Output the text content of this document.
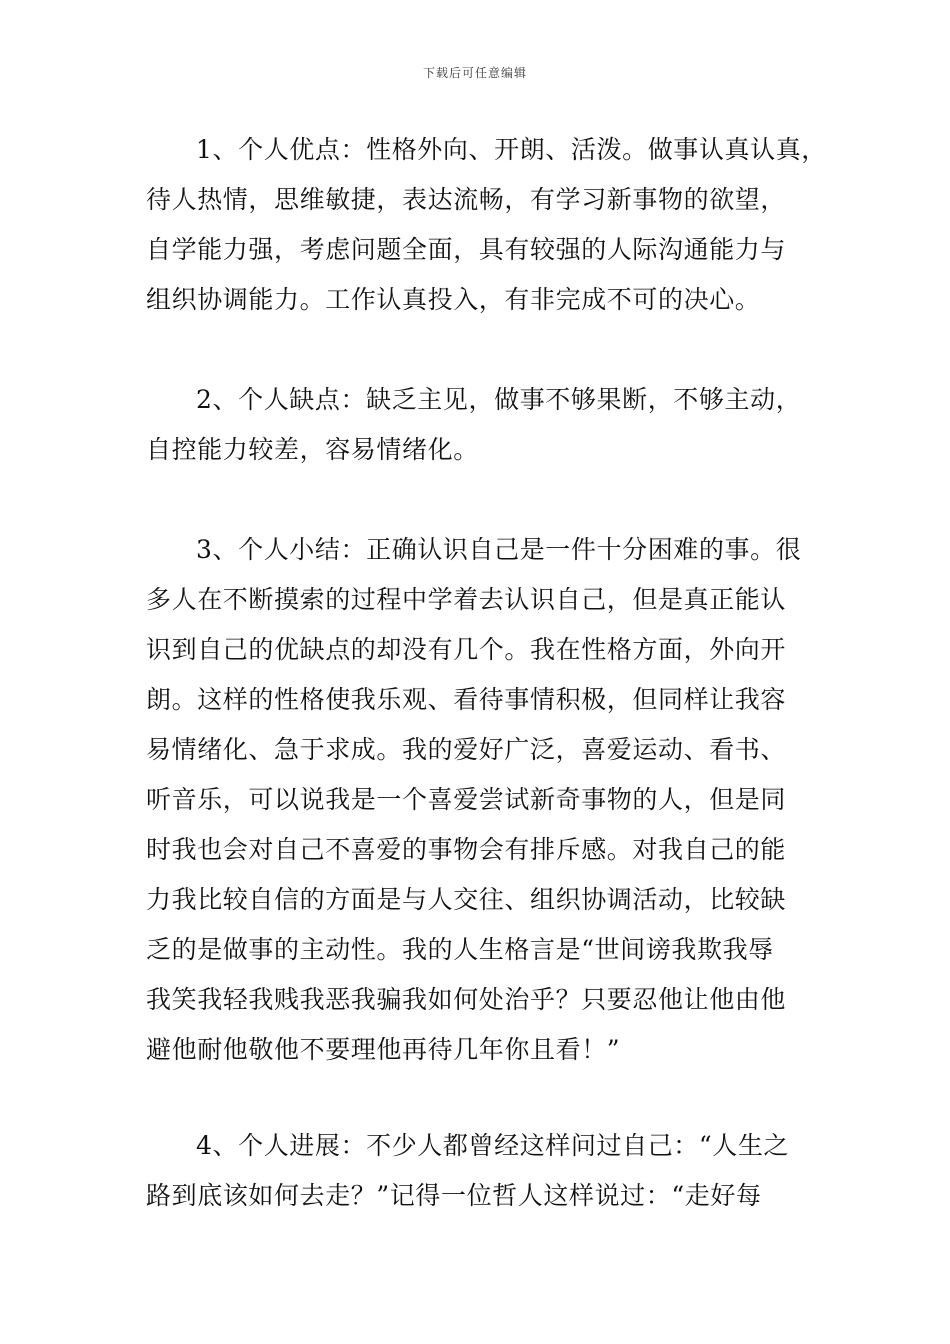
下载后可任意编辑
1、个人优点：性格外向、开朗、活泼。做事认真认真，
待人热情，思维敏捷，表达流畅，有学习新事物的欲望，
自学能力强，考虑问题全面，具有较强的人际沟通能力与
组织协调能力。工作认真投入，有非完成不可的决心。
2、个人缺点：缺乏主见，做事不够果断，不够主动，
自控能力较差，容易情绪化。
3、个人小结：正确认识自己是一件十分困难的事。很
多人在不断摸索的过程中学着去认识自己，但是真正能认
识到自己的优缺点的却没有几个。我在性格方面，外向开
朗。这样的性格使我乐观、看待事情积极，但同样让我容
易情绪化、急于求成。我的爱好广泛，喜爱运动、看书、
听音乐，可以说我是一个喜爱尝试新奇事物的人，但是同
时我也会对自己不喜爱的事物会有排斥感。对我自己的能
力我比较自信的方面是与人交往、组织协调活动，比较缺
乏的是做事的主动性。我的人生格言是“世间谤我欺我辱
我笑我轻我贱我恶我骗我如何处治乎？只要忍他让他由他
避他耐他敬他不要理他再待几年你且看！”
4、个人进展：不少人都曾经这样问过自己：“人生之
路到底该如何去走？”记得一位哲人这样说过：“走好每
